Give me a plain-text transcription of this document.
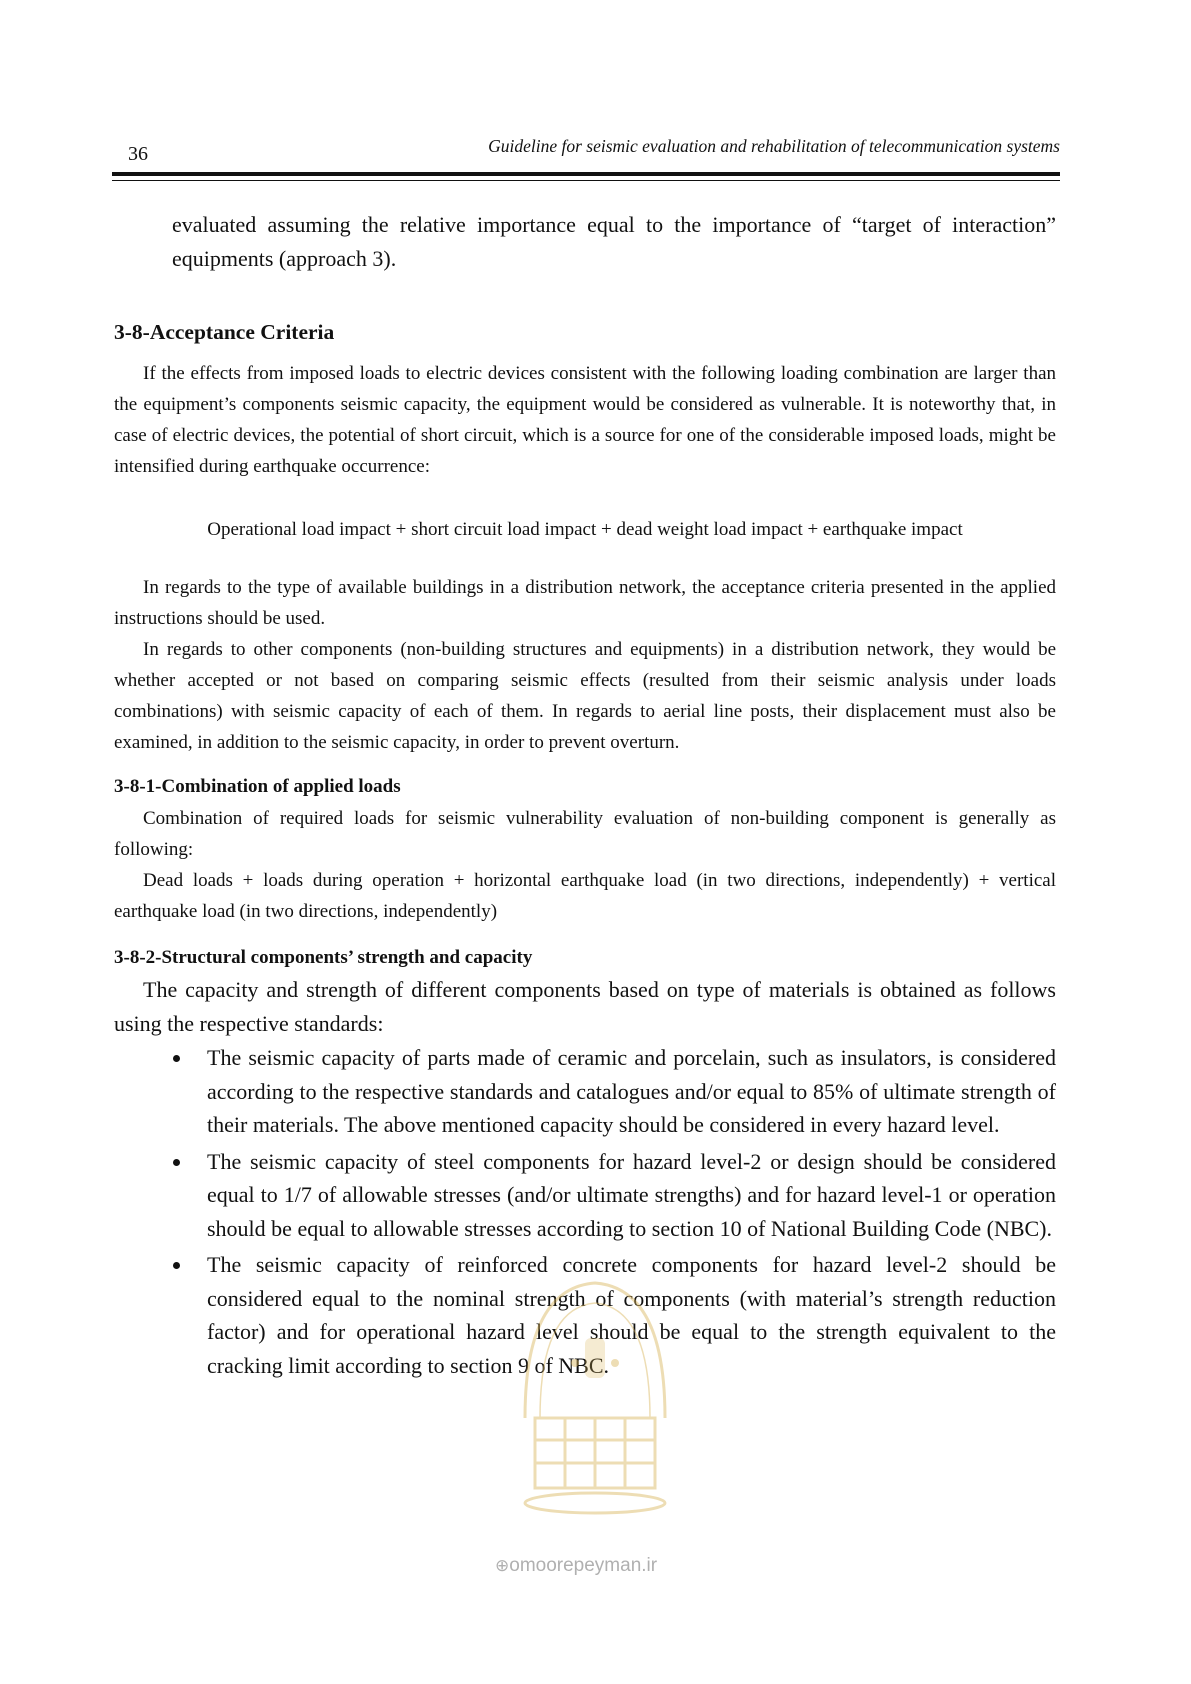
36	Guideline for seismic evaluation and rehabilitation of telecommunication systems

evaluated assuming the relative importance equal to the importance of “target of interaction” equipments (approach 3).

3-8-Acceptance Criteria

If the effects from imposed loads to electric devices consistent with the following loading combination are larger than the equipment’s components seismic capacity, the equipment would be considered as vulnerable. It is noteworthy that, in case of electric devices, the potential of short circuit, which is a source for one of the considerable imposed loads, might be intensified during earthquake occurrence:

Operational load impact + short circuit load impact + dead weight load impact + earthquake impact

In regards to the type of available buildings in a distribution network, the acceptance criteria presented in the applied instructions should be used.

In regards to other components (non-building structures and equipments) in a distribution network, they would be whether accepted or not based on comparing seismic effects (resulted from their seismic analysis under loads combinations) with seismic capacity of each of them. In regards to aerial line posts, their displacement must also be examined, in addition to the seismic capacity, in order to prevent overturn.

3-8-1-Combination of applied loads

Combination of required loads for seismic vulnerability evaluation of non-building component is generally as following:

Dead loads + loads during operation + horizontal earthquake load (in two directions, independently) + vertical earthquake load (in two directions, independently)

3-8-2-Structural components’ strength and capacity

The capacity and strength of different components based on type of materials is obtained as follows using the respective standards:

The seismic capacity of parts made of ceramic and porcelain, such as insulators, is considered according to the respective standards and catalogues and/or equal to 85% of ultimate strength of their materials. The above mentioned capacity should be considered in every hazard level.
The seismic capacity of steel components for hazard level-2 or design should be considered equal to 1/7 of allowable stresses (and/or ultimate strengths) and for hazard level-1 or operation should be equal to allowable stresses according to section 10 of National Building Code (NBC).
The seismic capacity of reinforced concrete components for hazard level-2 should be considered equal to the nominal strength of components (with material’s strength reduction factor) and for operational hazard level should be equal to the strength equivalent to the cracking limit according to section 9 of NBC.
⊕omoorepeyman.ir
